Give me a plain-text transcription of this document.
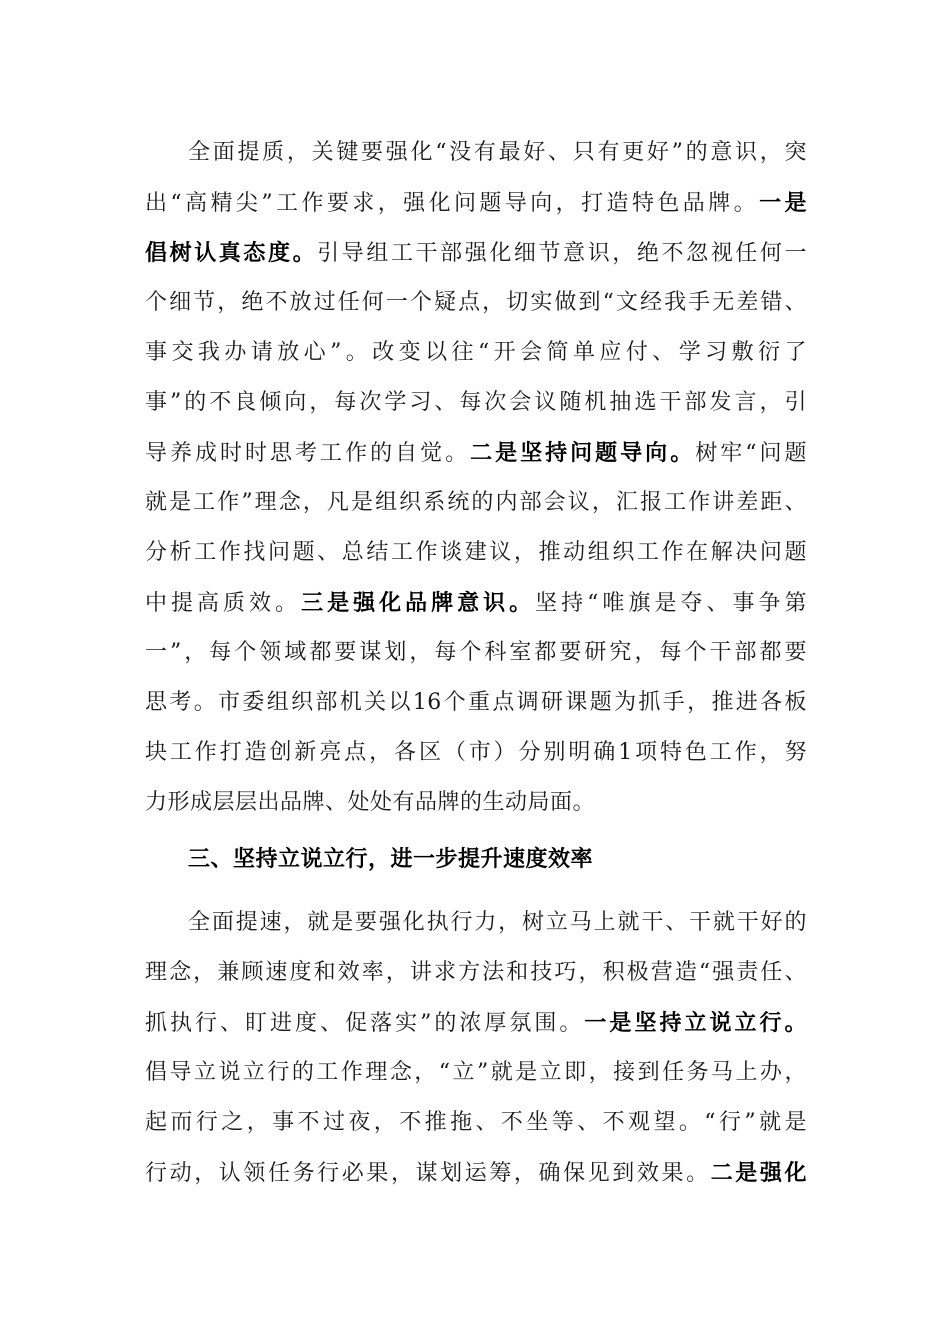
全面提质，关键要强化“没有最好、只有更好”的意识，突
出“高精尖”工作要求，强化问题导向，打造特色品牌。一是
倡树认真态度。引导组工干部强化细节意识，绝不忽视任何一
个细节，绝不放过任何一个疑点，切实做到“文经我手无差错、
事交我办请放心”。改变以往“开会简单应付、学习敷衍了
事”的不良倾向，每次学习、每次会议随机抽选干部发言，引
导养成时时思考工作的自觉。二是坚持问题导向。树牢“问题
就是工作”理念，凡是组织系统的内部会议，汇报工作讲差距、
分析工作找问题、总结工作谈建议，推动组织工作在解决问题
中提高质效。三是强化品牌意识。坚持“唯旗是夺、事争第
一”，每个领域都要谋划，每个科室都要研究，每个干部都要
思考。市委组织部机关以16个重点调研课题为抓手，推进各板
块工作打造创新亮点，各区（市）分别明确1项特色工作，努
力形成层层出品牌、处处有品牌的生动局面。
三、坚持立说立行，进一步提升速度效率
全面提速，就是要强化执行力，树立马上就干、干就干好的
理念，兼顾速度和效率，讲求方法和技巧，积极营造“强责任、
抓执行、盯进度、促落实”的浓厚氛围。一是坚持立说立行。
倡导立说立行的工作理念，“立”就是立即，接到任务马上办，
起而行之，事不过夜，不推拖、不坐等、不观望。“行”就是
行动，认领任务行必果，谋划运筹，确保见到效果。二是强化
